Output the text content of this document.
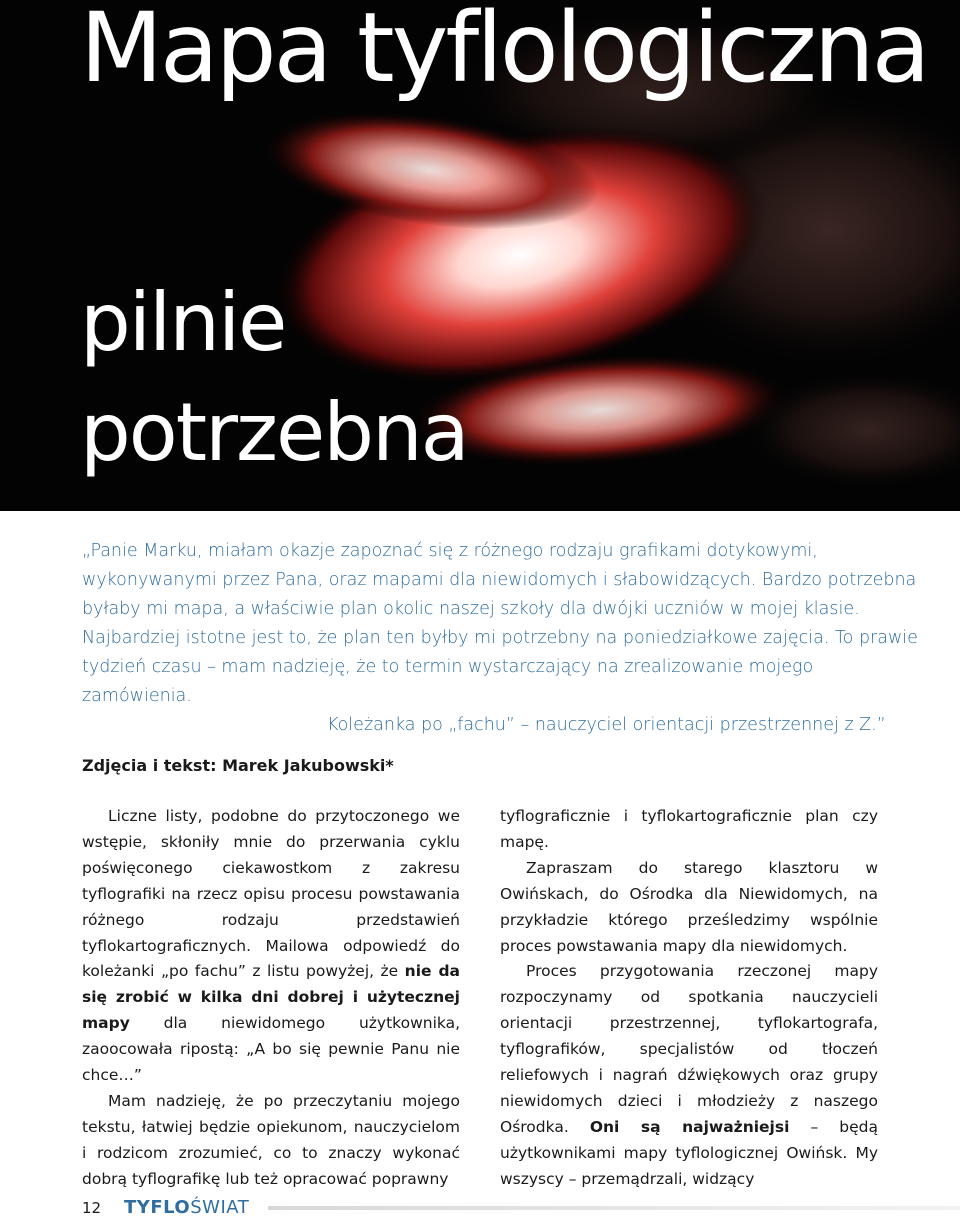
Mapa tyflologiczna
pilnie
potrzebna

„Panie Marku, miałam okazje zapoznać się z różnego rodzaju grafikami dotykowymi, wykonywanymi przez Pana, oraz mapami dla niewidomych i słabowidzących. Bardzo potrzebna byłaby mi mapa, a właściwie plan okolic naszej szkoły dla dwójki uczniów w mojej klasie. Najbardziej istotne jest to, że plan ten byłby mi potrzebny na poniedziałkowe zajęcia. To prawie tydzień czasu – mam nadzieję, że to termin wystarczający na zrealizowanie mojego zamówienia.

Koleżanka po „fachu” – nauczyciel orientacji przestrzennej z Z.”

Zdjęcia i tekst: Marek Jakubowski*

Liczne listy, podobne do przytoczonego we wstępie, skłoniły mnie do przerwania cyklu poświęconego ciekawostkom z zakresu tyflografiki na rzecz opisu procesu powstawania różnego rodzaju przedstawień tyflokartograficznych. Mailowa odpowiedź do koleżanki „po fachu” z listu powyżej, że nie da się zrobić w kilka dni dobrej i użytecznej mapy dla niewidomego użytkownika, zaoocowała ripostą: „A bo się pewnie Panu nie chce…”

Mam nadzieję, że po przeczytaniu mojego tekstu, łatwiej będzie opiekunom, nauczycielom i rodzicom zrozumieć, co to znaczy wykonać dobrą tyflografikę lub też opracować poprawny

tyflograficznie i tyflokartograficznie plan czy mapę.

Zapraszam do starego klasztoru w Owińskach, do Ośrodka dla Niewidomych, na przykładzie którego prześledzimy wspólnie proces powstawania mapy dla niewidomych.

Proces przygotowania rzeczonej mapy rozpoczynamy od spotkania nauczycieli orientacji przestrzennej, tyflokartografa, tyflografików, specjalistów od tłoczeń reliefowych i nagrań dźwiękowych oraz grupy niewidomych dzieci i młodzieży z naszego Ośrodka. Oni są najważniejsi – będą użytkownikami mapy tyflologicznej Owińsk. My wszyscy – przemądrzali, widzący

12 TYFLOŚWIAT
